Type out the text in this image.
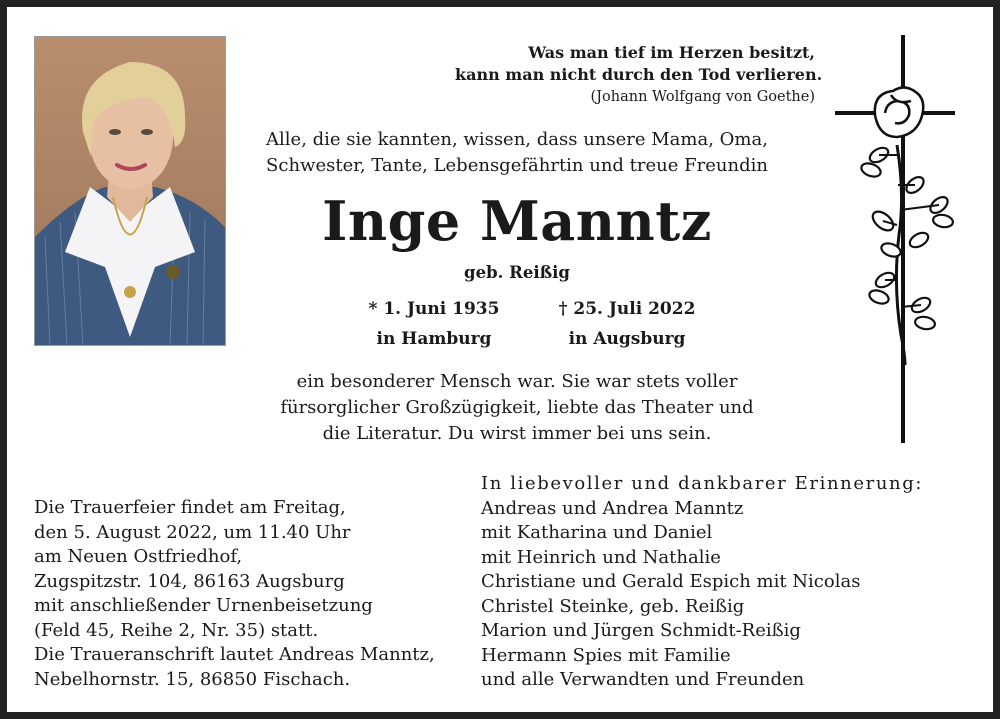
Was man tief im Herzen besitzt,
kann man nicht durch den Tod verlieren.
(Johann Wolfgang von Goethe)
Alle, die sie kannten, wissen, dass unsere Mama, Oma,
Schwester, Tante, Lebensgefährtin und treue Freundin
Inge Manntz
geb. Reißig
* 1. Juni 1935
in Hamburg
† 25. Juli 2022
in Augsburg
ein besonderer Mensch war. Sie war stets voller
fürsorglicher Großzügigkeit, liebte das Theater und
die Literatur. Du wirst immer bei uns sein.
Die Trauerfeier findet am Freitag,
den 5. August 2022, um 11.40 Uhr
am Neuen Ostfriedhof,
Zugspitzstr. 104, 86163 Augsburg
mit anschließender Urnenbeisetzung
(Feld 45, Reihe 2, Nr. 35) statt.
Die Traueranschrift lautet Andreas Manntz,
Nebelhornstr. 15, 86850 Fischach.
In liebevoller und dankbarer Erinnerung:
Andreas und Andrea Manntz
mit Katharina und Daniel
mit Heinrich und Nathalie
Christiane und Gerald Espich mit Nicolas
Christel Steinke, geb. Reißig
Marion und Jürgen Schmidt-Reißig
Hermann Spies mit Familie
und alle Verwandten und Freunden
